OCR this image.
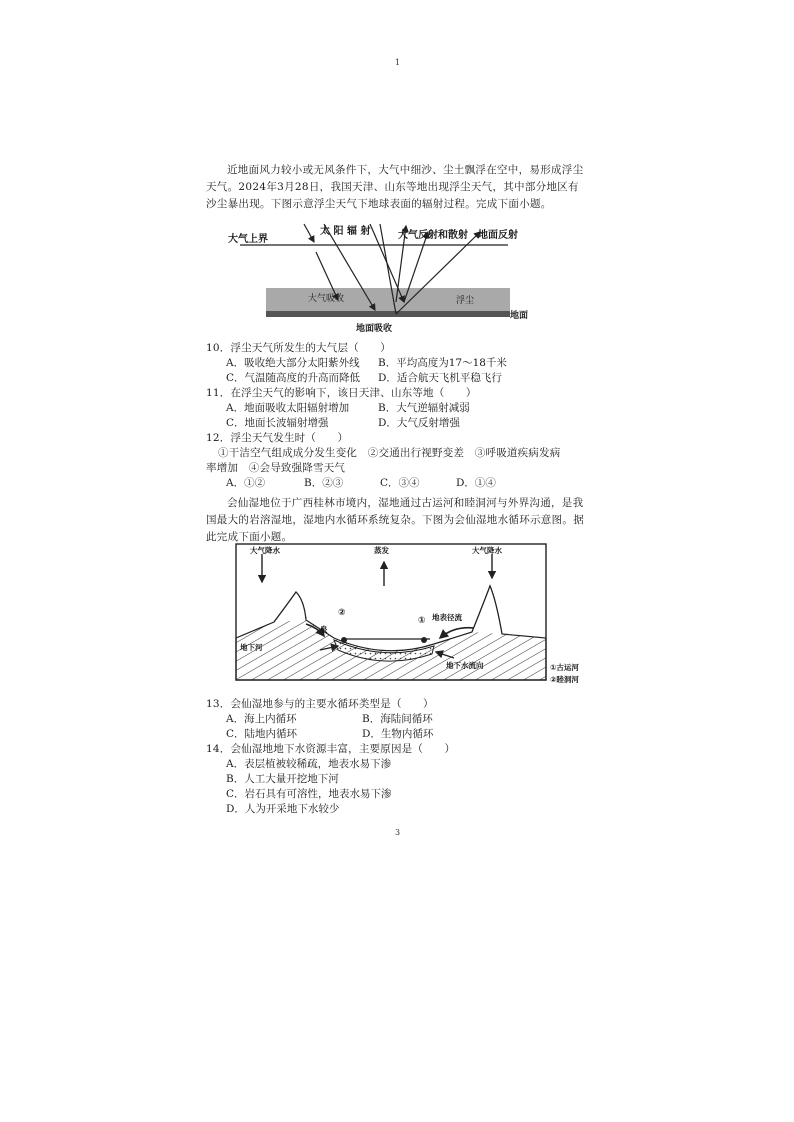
1
近地面风力较小或无风条件下，大气中细沙、尘土飘浮在空中，易形成浮尘天气。2024年3月28日，我国天津、山东等地出现浮尘天气，其中部分地区有沙尘暴出现。下图示意浮尘天气下地球表面的辐射过程。完成下面小题。
大气上界
太 阳 辐 射	大气反射和散射 地面反射
大气吸收	浮尘
地面
地面吸收
10．浮尘天气所发生的大气层（　　）
A．吸收绝大部分太阳紫外线 B．平均高度为17～18千米
C．气温随高度的升高而降低 D．适合航天飞机平稳飞行
11．在浮尘天气的影响下，该日天津、山东等地（　　）
A．地面吸收太阳辐射增加	B．大气逆辐射减弱
C．地面长波辐射增强	D．大气反射增强
12．浮尘天气发生时（　　）
①干洁空气组成成分发生变化　②交通出行视野变差　③呼吸道疾病发病
率增加　④会导致强降雪天气
A．①②	B．②③	C．③④	D．①④
会仙湿地位于广西桂林市境内，湿地通过古运河和睦洞河与外界沟通，是我国最大的岩溶湿地，湿地内水循环系统复杂。下图为会仙湿地水循环示意图。据此完成下面小题。
大气降水	蒸发	大气降水
泉
②
① 地表径流
地下河
地下水流向	①古运河
②睦洞河
13．会仙湿地参与的主要水循环类型是（　　）
A．海上内循环	B．海陆间循环
C．陆地内循环	D．生物内循环
14．会仙湿地地下水资源丰富，主要原因是（　　）
A．表层植被较稀疏，地表水易下渗
B．人工大量开挖地下河
C．岩石具有可溶性，地表水易下渗
D．人为开采地下水较少
3
